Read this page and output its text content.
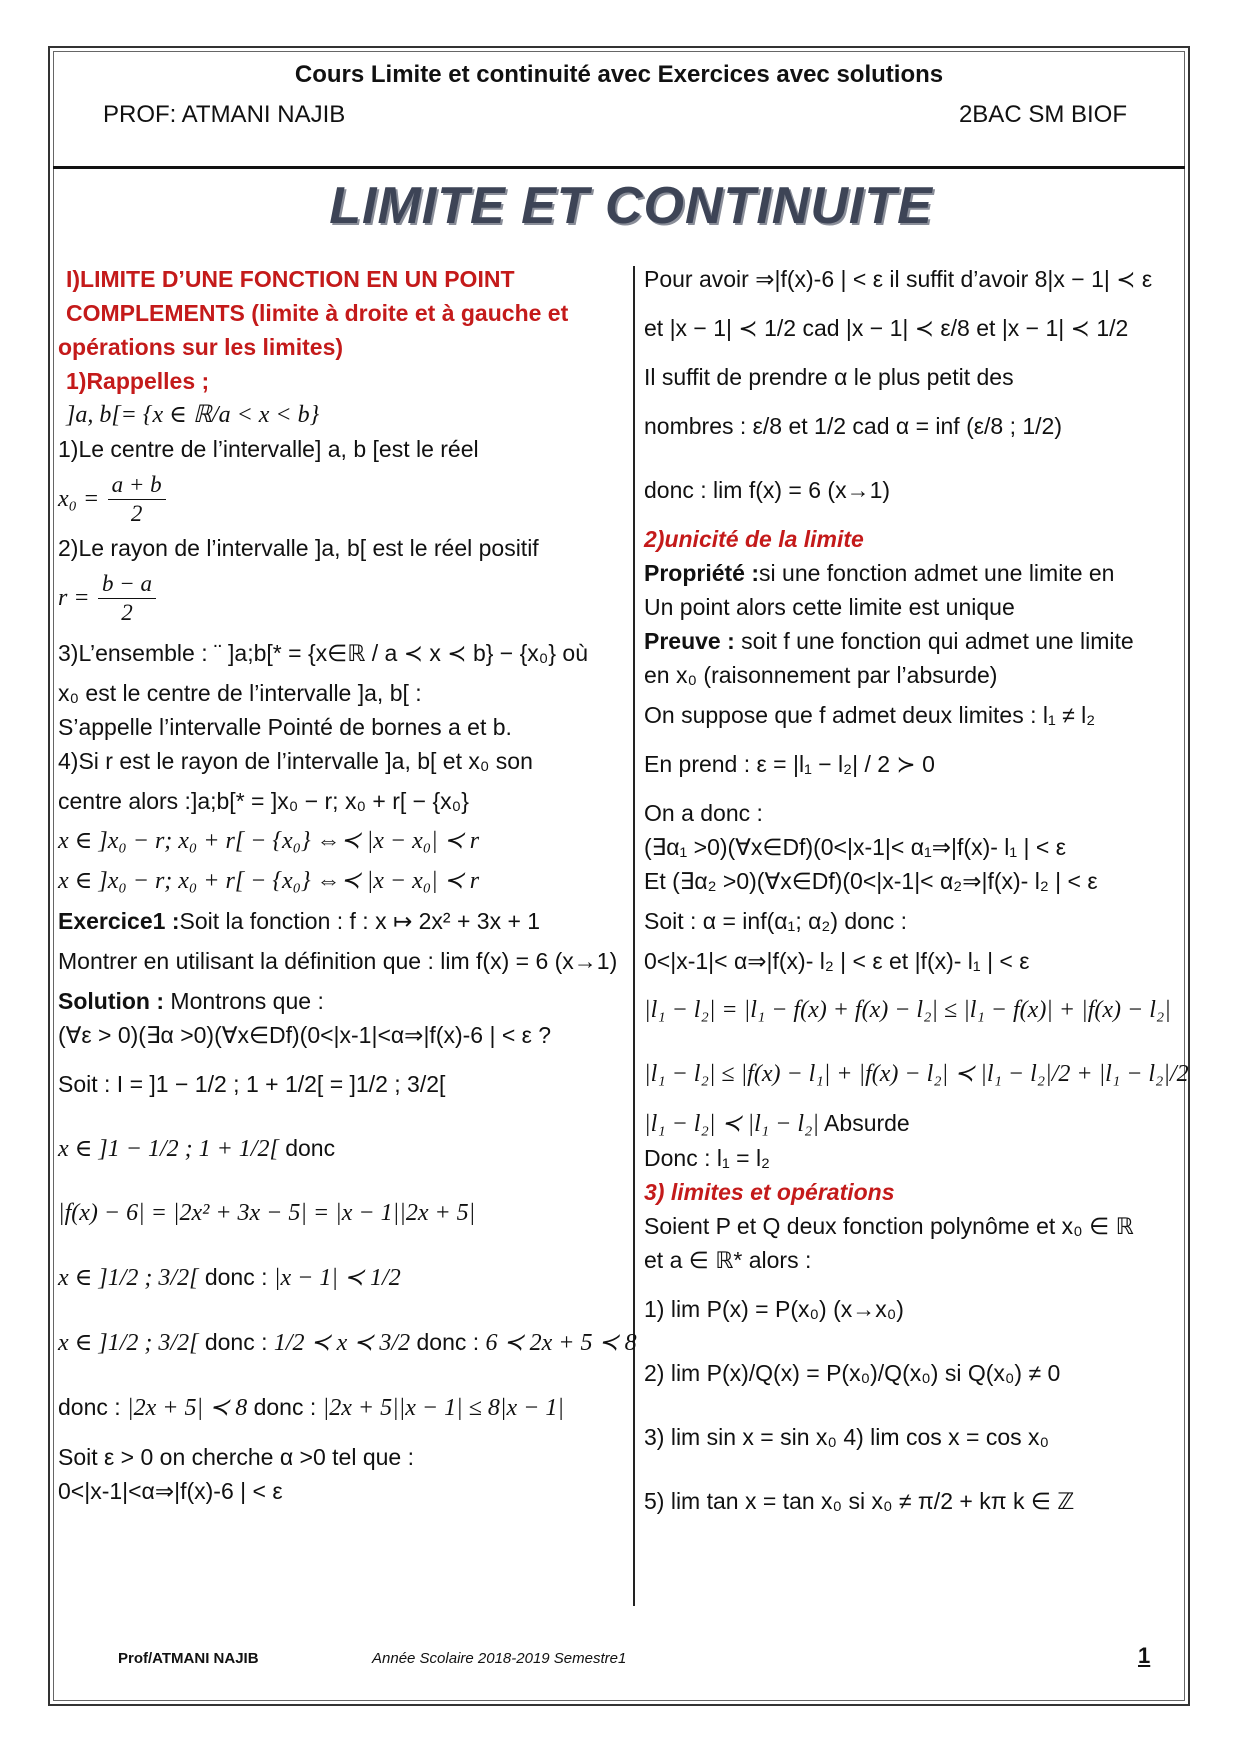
Cours Limite et continuité avec Exercices avec solutions
PROF: ATMANI NAJIB	2BAC SM BIOF
LIMITE ET CONTINUITE
I)LIMITE D’UNE FONCTION EN UN POINT
COMPLEMENTS (limite à droite et à gauche et
opérations sur les limites)
1)Rappelles ;
]a, b[= {x ∈ ℝ/a < x < b}
1)Le centre de l’intervalle] a, b [est le réel
$x_0 = \frac{a + b}{2}$
2)Le rayon de l’intervalle ]a, b[ est le réel positif
$r = \frac{b - a}{2}$
3)L’ensemble : ¨ ]a;b[* = {x∈ℝ / a ≺ x ≺ b} − {x₀} où
x₀ est le centre de l’intervalle ]a, b[ :
S’appelle l’intervalle Pointé de bornes a et b.
4)Si r est le rayon de l’intervalle ]a, b[ et x₀ son
centre alors :]a;b[* = ]x₀ − r; x₀ + r[ − {x₀}
x ∈ ]x₀ − r; x₀ + r[ − {x₀} ⇔≺ |x − x₀| ≺ r
x ∈ ]x₀ − r; x₀ + r[ − {x₀} ⇔≺ |x − x₀| ≺ r
Exercice1 :Soit la fonction : f : x ↦ 2x² + 3x + 1
Montrer en utilisant la définition que : lim f(x) = 6 (x→1)
Solution : Montrons que :
(∀ε > 0)(∃α >0)(∀x∈Df)(0<|x-1|<α⇒|f(x)-6 | < ε ?
Soit : I = ]1 − 1/2 ; 1 + 1/2[ = ]1/2 ; 3/2[
x ∈ ]1 − 1/2 ; 1 + 1/2[ donc
|f(x) − 6| = |2x² + 3x − 5| = |x − 1||2x + 5|
x ∈ ]1/2 ; 3/2[ donc : |x − 1| ≺ 1/2
x ∈ ]1/2 ; 3/2[ donc : 1/2 ≺ x ≺ 3/2 donc : 6 ≺ 2x + 5 ≺ 8
donc : |2x + 5| ≺ 8 donc : |2x + 5||x − 1| ≤ 8|x − 1|
Soit ε > 0 on cherche α >0 tel que :
0<|x-1|<α⇒|f(x)-6 | < ε
Pour avoir ⇒|f(x)-6 | < ε il suffit d’avoir 8|x − 1| ≺ ε
et |x − 1| ≺ 1/2 cad |x − 1| ≺ ε/8 et |x − 1| ≺ 1/2
Il suffit de prendre α le plus petit des
nombres : ε/8 et 1/2 cad α = inf (ε/8 ; 1/2)
donc : lim f(x) = 6 (x→1)
2)unicité de la limite
Propriété :si une fonction admet une limite en
Un point alors cette limite est unique
Preuve : soit f une fonction qui admet une limite
en x₀ (raisonnement par l’absurde)
On suppose que f admet deux limites : l₁ ≠ l₂
En prend : ε = |l₁ − l₂| / 2 ≻ 0
On a donc :
(∃α₁ >0)(∀x∈Df)(0<|x-1|< α₁⇒|f(x)- l₁ | < ε
Et (∃α₂ >0)(∀x∈Df)(0<|x-1|< α₂⇒|f(x)- l₂ | < ε
Soit : α = inf(α₁; α₂) donc :
0<|x-1|< α⇒|f(x)- l₂ | < ε et |f(x)- l₁ | < ε
|l₁ − l₂| = |l₁ − f(x) + f(x) − l₂| ≤ |l₁ − f(x)| + |f(x) − l₂|
|l₁ − l₂| ≤ |f(x) − l₁| + |f(x) − l₂| ≺ |l₁ − l₂|/2 + |l₁ − l₂|/2
|l₁ − l₂| ≺ |l₁ − l₂| Absurde
Donc : l₁ = l₂
3) limites et opérations
Soient P et Q deux fonction polynôme et x₀ ∈ ℝ
et a ∈ ℝ* alors :
1) lim P(x) = P(x₀) (x→x₀)
2) lim P(x)/Q(x) = P(x₀)/Q(x₀) si Q(x₀) ≠ 0
3) lim sin x = sin x₀ 4) lim cos x = cos x₀
5) lim tan x = tan x₀ si x₀ ≠ π/2 + kπ k ∈ ℤ
Prof/ATMANI NAJIB	Année Scolaire 2018-2019 Semestre1	1
